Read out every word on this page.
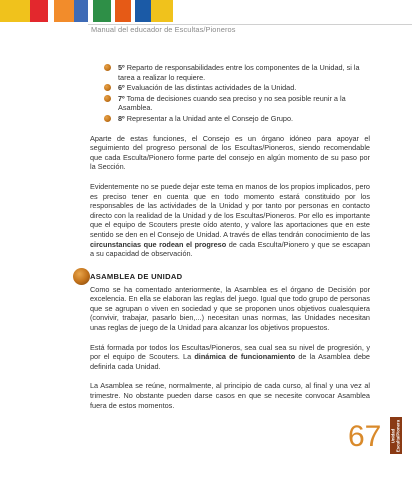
Manual del educador de Escultas/Pioneros
5º Reparto de responsabilidades entre los componentes de la Unidad, si la tarea a realizar lo requiere.
6º Evaluación de las distintas actividades de la Unidad.
7º Toma de decisiones cuando sea preciso y no sea posible reunir a la Asamblea.
8º Representar a la Unidad ante el Consejo de Grupo.

Aparte de estas funciones, el Consejo es un órgano idóneo para apoyar el seguimiento del progreso personal de los Escultas/Pioneros, siendo recomendable que cada Esculta/Pionero forme parte del consejo en algún momento de su paso por la Sección.

Evidentemente no se puede dejar este tema en manos de los propios implicados, pero es preciso tener en cuenta que en todo momento estará constituido por los responsables de las actividades de la Unidad y por tanto por personas en contacto directo con la realidad de la Unidad y de los Escultas/Pioneros. Por ello es importante que el equipo de Scouters preste oído atento, y valore las aportaciones que en este sentido se den en el Consejo de Unidad. A través de ellas tendrán conocimiento de las circunstancias que rodean el progreso de cada Esculta/Pionero y que se escapan a su capacidad de observación.

ASAMBLEA DE UNIDAD

Como se ha comentado anteriormente, la Asamblea es el órgano de Decisión por excelencia. En ella se elaboran las reglas del juego. Igual que todo grupo de personas que se agrupan o viven en sociedad y que se proponen unos objetivos cualesquiera (convivir, trabajar, pasarlo bien,...) necesitan unas normas, las Unidades necesitan unas reglas de juego de la Unidad para alcanzar los objetivos propuestos.

Está formada por todos los Escultas/Pioneros, sea cual sea su nivel de progresión, y por el equipo de Scouters. La dinámica de funcionamiento de la Asamblea debe definirla cada Unidad.

La Asamblea se reúne, normalmente, al principio de cada curso, al final y una vez al trimestre. No obstante pueden darse casos en que se necesite convocar Asamblea fuera de estos momentos.

67 Unidad Esculta/Pionera
